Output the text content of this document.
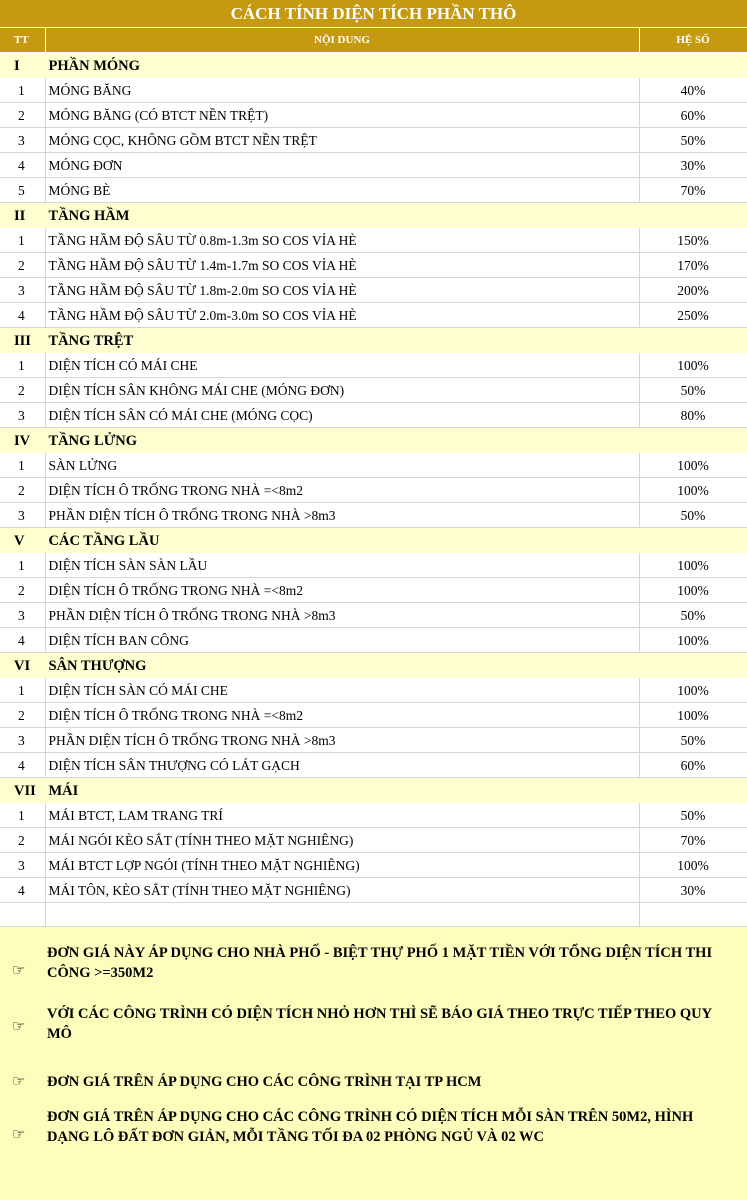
CÁCH TÍNH DIỆN TÍCH PHẦN THÔ
TT	NỘI DUNG	HỆ SỐ
I	PHẦN MÓNG	
1	MÓNG BĂNG	40%
2	MÓNG BĂNG (CÓ BTCT NỀN TRỆT)	60%
3	MÓNG CỌC, KHÔNG GỒM BTCT NỀN TRỆT	50%
4	MÓNG ĐƠN	30%
5	MÓNG BÈ	70%
II	TẦNG HẦM	
1	TẦNG HẦM ĐỘ SÂU TỪ 0.8m-1.3m SO COS VỈA HÈ	150%
2	TẦNG HẦM ĐỘ SÂU TỪ 1.4m-1.7m SO COS VỈA HÈ	170%
3	TẦNG HẦM ĐỘ SÂU TỪ 1.8m-2.0m SO COS VỈA HÈ	200%
4	TẦNG HẦM ĐỘ SÂU TỪ 2.0m-3.0m SO COS VỈA HÈ	250%
III	TẦNG TRỆT	
1	DIỆN TÍCH CÓ MÁI CHE	100%
2	DIỆN TÍCH SÂN KHÔNG MÁI CHE (MÓNG ĐƠN)	50%
3	DIỆN TÍCH SÂN CÓ MÁI CHE (MÓNG CỌC)	80%
IV	TẦNG LỬNG	
1	SÀN LỬNG	100%
2	DIỆN TÍCH Ô TRỐNG TRONG NHÀ =<8m2	100%
3	PHẦN DIỆN TÍCH Ô TRỐNG TRONG NHÀ >8m3	50%
V	CÁC TẦNG LẦU	
1	DIỆN TÍCH SÀN SÀN LẦU	100%
2	DIỆN TÍCH Ô TRỐNG TRONG NHÀ =<8m2	100%
3	PHẦN DIỆN TÍCH Ô TRỐNG TRONG NHÀ >8m3	50%
4	DIỆN TÍCH BAN CÔNG	100%
VI	SÂN THƯỢNG	
1	DIỆN TÍCH SÀN CÓ MÁI CHE	100%
2	DIỆN TÍCH Ô TRỐNG TRONG NHÀ =<8m2	100%
3	PHẦN DIỆN TÍCH Ô TRỐNG TRONG NHÀ >8m3	50%
4	DIỆN TÍCH SÂN THƯỢNG CÓ LÁT GẠCH	60%
VII	MÁI	
1	MÁI BTCT, LAM TRANG TRÍ	50%
2	MÁI NGÓI KÈO SẮT (TÍNH THEO MẶT NGHIÊNG)	70%
3	MÁI BTCT LỢP NGÓI (TÍNH THEO MẶT NGHIÊNG)	100%
4	MÁI TÔN, KÈO SẮT (TÍNH THEO MẶT NGHIÊNG)	30%

☞
ĐƠN GIÁ NÀY ÁP DỤNG CHO NHÀ PHỐ - BIỆT THỰ PHỐ 1 MẶT TIỀN VỚI TỔNG DIỆN TÍCH THI CÔNG >=350M2
☞
VỚI CÁC CÔNG TRÌNH CÓ DIỆN TÍCH NHỎ HƠN THÌ SẼ BÁO GIÁ THEO TRỰC TIẾP THEO QUY MÔ
☞ ĐƠN GIÁ TRÊN ÁP DỤNG CHO CÁC CÔNG TRÌNH TẠI TP HCM
☞
ĐƠN GIÁ TRÊN ÁP DỤNG CHO CÁC CÔNG TRÌNH CÓ DIỆN TÍCH MỖI SÀN TRÊN 50M2, HÌNH DẠNG LÔ ĐẤT ĐƠN GIẢN, MỖI TẦNG TỐI ĐA 02 PHÒNG NGỦ VÀ 02 WC
